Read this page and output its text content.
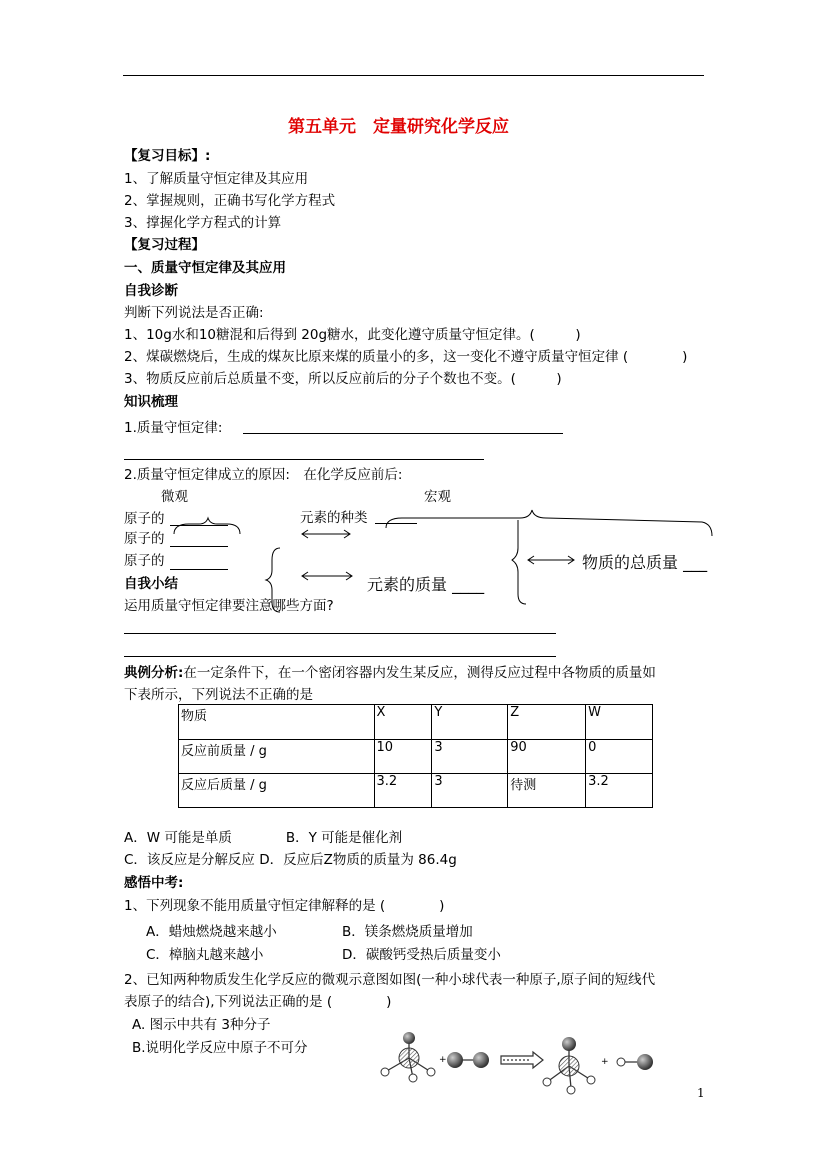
第五单元　定量研究化学反应
【复习目标】:
1、了解质量守恒定律及其应用
2、掌握规则，正确书写化学方程式
3、撑握化学方程式的计算
【复习过程】
一、质量守恒定律及其应用
自我诊断
判断下列说法是否正确:
1、10g水和10糖混和后得到 20g糖水，此变化遵守质量守恒定律。(　　　)
2、煤碳燃烧后，生成的煤灰比原来煤的质量小的多，这一变化不遵守质量守恒定律 (　　　　)
3、物质反应前后总质量不变，所以反应前后的分子个数也不变。(　　　)
知识梳理
1.质量守恒定律:
2.质量守恒定律成立的原因:　在化学反应前后:
微观	宏观
原子的
原子的
原子的
元素的种类
元素的质量 ____
物质的总质量 ___
自我小结
运用质量守恒定律要注意哪些方面?
典例分析:在一定条件下，在一个密闭容器内发生某反应，测得反应过程中各物质的质量如
下表所示，下列说法不正确的是
物质	X	Y	Z	W
反应前质量 / g	10	3	90	0
反应后质量 / g	3.2	3	待测	3.2
A．W 可能是单质　　　　B．Y 可能是催化剂
C．该反应是分解反应 D．反应后Z物质的质量为 86.4g
感悟中考:
1、下列现象不能用质量守恒定律解释的是 (　　　　)
A．蜡烛燃烧越来越小	B．镁条燃烧质量增加
C．樟脑丸越来越小	D．碳酸钙受热后质量变小
2、已知两种物质发生化学反应的微观示意图如图(一种小球代表一种原子,原子间的短线代
表原子的结合),下列说法正确的是 (　　　　)
A. 图示中共有 3种分子
B.说明化学反应中原子不可分
+	+
1
